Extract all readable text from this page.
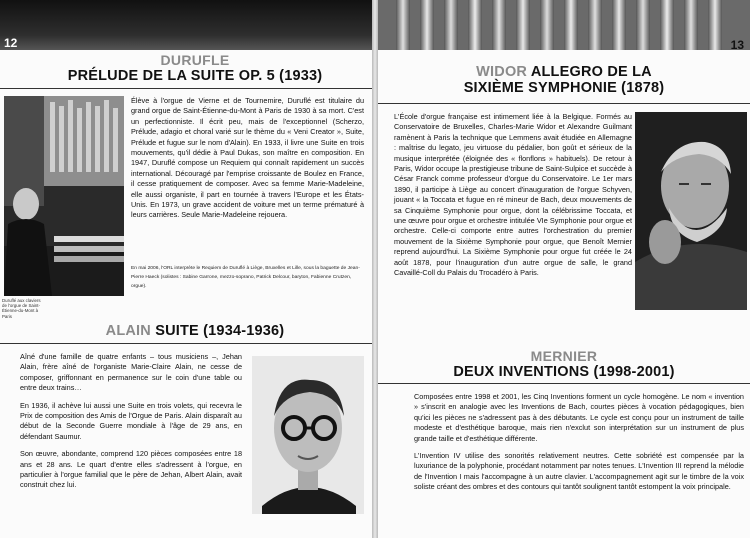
12
DURUFLE
PRÉLUDE DE LA SUITE OP. 5 (1933)
Duruflé aux claviers de l'orgue de Saint-Étienne-du-Mont à Paris

Élève à l'orgue de Vierne et de Tournemire, Duruflé est titulaire du grand orgue de Saint-Étienne-du-Mont à Paris de 1930 à sa mort. C'est un perfectionniste. Il écrit peu, mais de l'exceptionnel (Scherzo, Prélude, adagio et choral varié sur le thème du « Veni Creator », Suite, Prélude et fugue sur le nom d'Alain). En 1933, il livre une Suite en trois mouvements, qu'il dédie à Paul Dukas, son maître en composition. En 1947, Duruflé compose un Requiem qui connaît rapidement un succès international. Découragé par l'emprise croissante de Boulez en France, il cesse pratiquement de composer. Avec sa femme Marie-Madeleine, elle aussi organiste, il part en tournée à travers l'Europe et les États-Unis. En 1973, un grave accident de voiture met un terme prématuré à leurs carrières. Seule Marie-Madeleine rejouera.

En mai 2006, l'ORL interprète le Requiem de Duruflé à Liège, Bruxelles et Lille, sous la baguette de Jean-Pierre Haeck (solistes : Sabine Garrone, mezzo-soprano, Patrick Delcour, baryton, Fabienne Crutzen, orgue).
ALAIN SUITE (1934-1936)

Aîné d'une famille de quatre enfants – tous musiciens –, Jehan Alain, frère aîné de l'organiste Marie-Claire Alain, ne cesse de composer, griffonnant en permanence sur le coin d'une table ou entre deux trains…

En 1936, il achève lui aussi une Suite en trois volets, qui recevra le Prix de composition des Amis de l'Orgue de Paris. Alain disparaît au début de la Seconde Guerre mondiale à l'âge de 29 ans, en défendant Saumur.

Son œuvre, abondante, comprend 120 pièces composées entre 18 ans et 28 ans. Le quart d'entre elles s'adressent à l'orgue, en particulier à l'orgue familial que le père de Jehan, Albert Alain, avait construit chez lui.

13
WIDOR ALLEGRO DE LA
SIXIÈME SYMPHONIE (1878)

L'École d'orgue française est intimement liée à la Belgique. Formés au Conservatoire de Bruxelles, Charles-Marie Widor et Alexandre Guilmant ramènent à Paris la technique que Lemmens avait étudiée en Allemagne : maîtrise du legato, jeu virtuose du pédalier, bon goût et sérieux de la musique interprétée (éloignée des « flonflons » habituels). De retour à Paris, Widor occupe la prestigieuse tribune de Saint-Sulpice et succède à César Franck comme professeur d'orgue du Conservatoire. Le 1er mars 1890, il participe à Liège au concert d'inauguration de l'orgue Schyven, jouant « la Toccata et fugue en ré mineur de Bach, deux mouvements de sa Cinquième Symphonie pour orgue, dont la célébrissime Toccata, et une œuvre pour orgue et orchestre intitulée VIe Symphonie pour orgue et orchestre. Celle-ci comporte entre autres l'orchestration du premier mouvement de la Sixième Symphonie pour orgue, que Benoît Mernier reprend aujourd'hui. La Sixième Symphonie pour orgue fut créée le 24 août 1878, pour l'inauguration d'un autre orgue de salle, le grand Cavaillé-Coll du Palais du Trocadéro à Paris.

MERNIER
DEUX INVENTIONS (1998-2001)

Composées entre 1998 et 2001, les Cinq Inventions forment un cycle homogène. Le nom « invention » s'inscrit en analogie avec les Inventions de Bach, courtes pièces à vocation pédagogiques, bien qu'ici les pièces ne s'adressent pas à des débutants. Le cycle est conçu pour un instrument de taille modeste et d'esthétique baroque, mais rien n'exclut son interprétation sur un instrument de plus grande taille et d'esthétique différente.

L'Invention IV utilise des sonorités relativement neutres. Cette sobriété est compensée par la luxuriance de la polyphonie, procédant notamment par notes tenues. L'Invention III reprend la mélodie de l'Invention I mais l'accompagne à un autre clavier. L'accompagnement agit sur le timbre de la voix soliste créant des ombres et des contours qui tantôt soulignent tantôt estompent la voix principale.
